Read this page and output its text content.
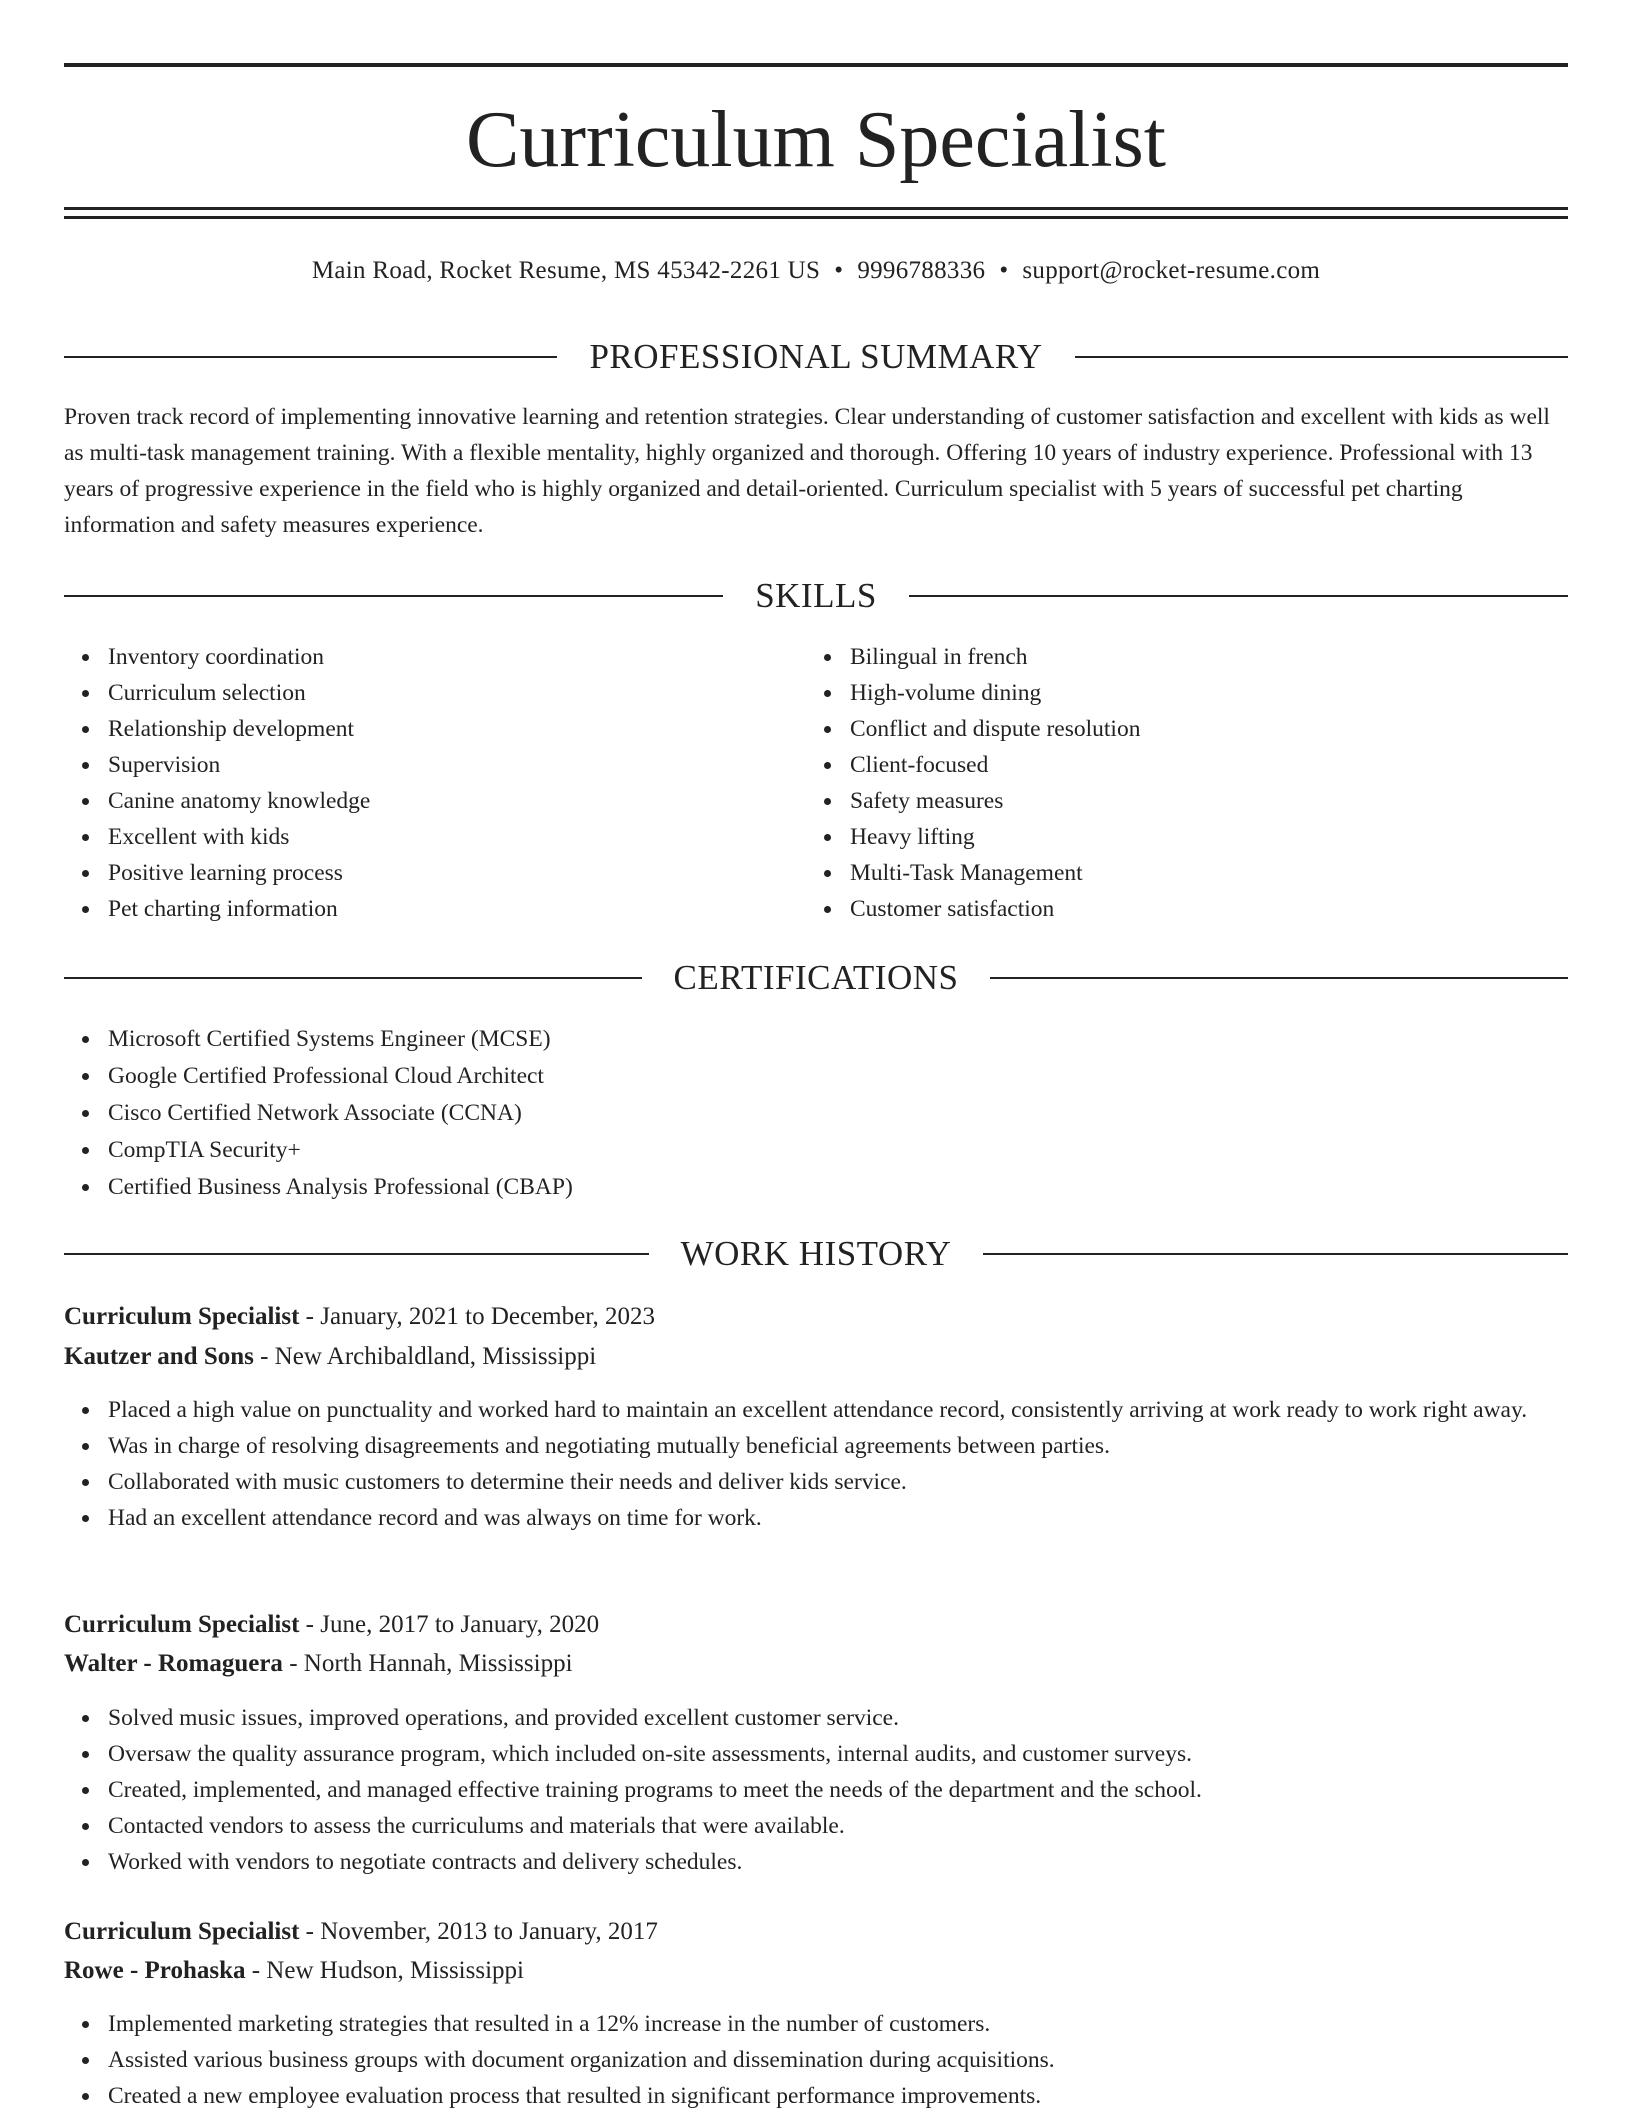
Curriculum Specialist
Main Road, Rocket Resume, MS 45342-2261 US • 9996788336 • support@rocket-resume.com
PROFESSIONAL SUMMARY

Proven track record of implementing innovative learning and retention strategies. Clear understanding of customer satisfaction and excellent with kids as well as multi-task management training. With a flexible mentality, highly organized and thorough. Offering 10 years of industry experience. Professional with 13 years of progressive experience in the field who is highly organized and detail-oriented. Curriculum specialist with 5 years of successful pet charting information and safety measures experience.

SKILLS
Inventory coordination
Curriculum selection
Relationship development
Supervision
Canine anatomy knowledge
Excellent with kids
Positive learning process
Pet charting information
Bilingual in french
High-volume dining
Conflict and dispute resolution
Client-focused
Safety measures
Heavy lifting
Multi-Task Management
Customer satisfaction
CERTIFICATIONS
Microsoft Certified Systems Engineer (MCSE)
Google Certified Professional Cloud Architect
Cisco Certified Network Associate (CCNA)
CompTIA Security+
Certified Business Analysis Professional (CBAP)
WORK HISTORY
Curriculum Specialist - January, 2021 to December, 2023
Kautzer and Sons - New Archibaldland, Mississippi
Placed a high value on punctuality and worked hard to maintain an excellent attendance record, consistently arriving at work ready to work right away.
Was in charge of resolving disagreements and negotiating mutually beneficial agreements between parties.
Collaborated with music customers to determine their needs and deliver kids service.
Had an excellent attendance record and was always on time for work.
Curriculum Specialist - June, 2017 to January, 2020
Walter - Romaguera - North Hannah, Mississippi
Solved music issues, improved operations, and provided excellent customer service.
Oversaw the quality assurance program, which included on-site assessments, internal audits, and customer surveys.
Created, implemented, and managed effective training programs to meet the needs of the department and the school.
Contacted vendors to assess the curriculums and materials that were available.
Worked with vendors to negotiate contracts and delivery schedules.
Curriculum Specialist - November, 2013 to January, 2017
Rowe - Prohaska - New Hudson, Mississippi
Implemented marketing strategies that resulted in a 12% increase in the number of customers.
Assisted various business groups with document organization and dissemination during acquisitions.
Created a new employee evaluation process that resulted in significant performance improvements.
